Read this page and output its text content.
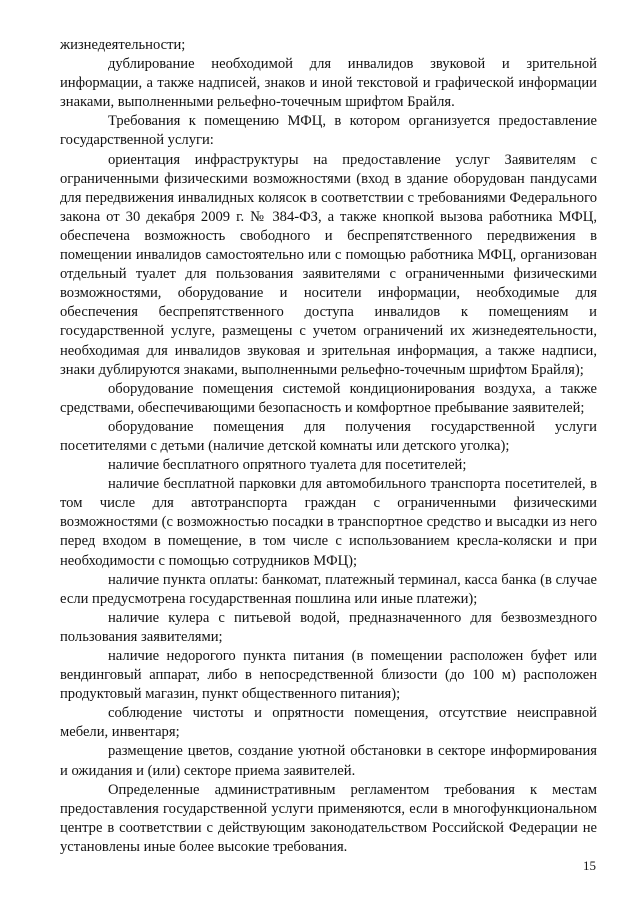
жизнедеятельности;

дублирование необходимой для инвалидов звуковой и зрительной информации, а также надписей, знаков и иной текстовой и графической информации знаками, выполненными рельефно-точечным шрифтом Брайля.

Требования к помещению МФЦ, в котором организуется предоставление государственной услуги:

ориентация инфраструктуры на предоставление услуг Заявителям с ограниченными физическими возможностями (вход в здание оборудован пандусами для передвижения инвалидных колясок в соответствии с требованиями Федерального закона от 30 декабря 2009 г. № 384-ФЗ, а также кнопкой вызова работника МФЦ, обеспечена возможность свободного и беспрепятственного передвижения в помещении инвалидов самостоятельно или с помощью работника МФЦ, организован отдельный туалет для пользования заявителями с ограниченными физическими возможностями, оборудование и носители информации, необходимые для обеспечения беспрепятственного доступа инвалидов к помещениям и государственной услуге, размещены с учетом ограничений их жизнедеятельности, необходимая для инвалидов звуковая и зрительная информация, а также надписи, знаки дублируются знаками, выполненными рельефно-точечным шрифтом Брайля);

оборудование помещения системой кондиционирования воздуха, а также средствами, обеспечивающими безопасность и комфортное пребывание заявителей;

оборудование помещения для получения государственной услуги посетителями с детьми (наличие детской комнаты или детского уголка);

наличие бесплатного опрятного туалета для посетителей;

наличие бесплатной парковки для автомобильного транспорта посетителей, в том числе для автотранспорта граждан с ограниченными физическими возможностями (с возможностью посадки в транспортное средство и высадки из него перед входом в помещение, в том числе с использованием кресла-коляски и при необходимости с помощью сотрудников МФЦ);

наличие пункта оплаты: банкомат, платежный терминал, касса банка (в случае если предусмотрена государственная пошлина или иные платежи);

наличие кулера с питьевой водой, предназначенного для безвозмездного пользования заявителями;

наличие недорогого пункта питания (в помещении расположен буфет или вендинговый аппарат, либо в непосредственной близости (до 100 м) расположен продуктовый магазин, пункт общественного питания);

соблюдение чистоты и опрятности помещения, отсутствие неисправной мебели, инвентаря;

размещение цветов, создание уютной обстановки в секторе информирования и ожидания и (или) секторе приема заявителей.

Определенные административным регламентом требования к местам предоставления государственной услуги применяются, если в многофункциональном центре в соответствии с действующим законодательством Российской Федерации не установлены иные более высокие требования.

15
